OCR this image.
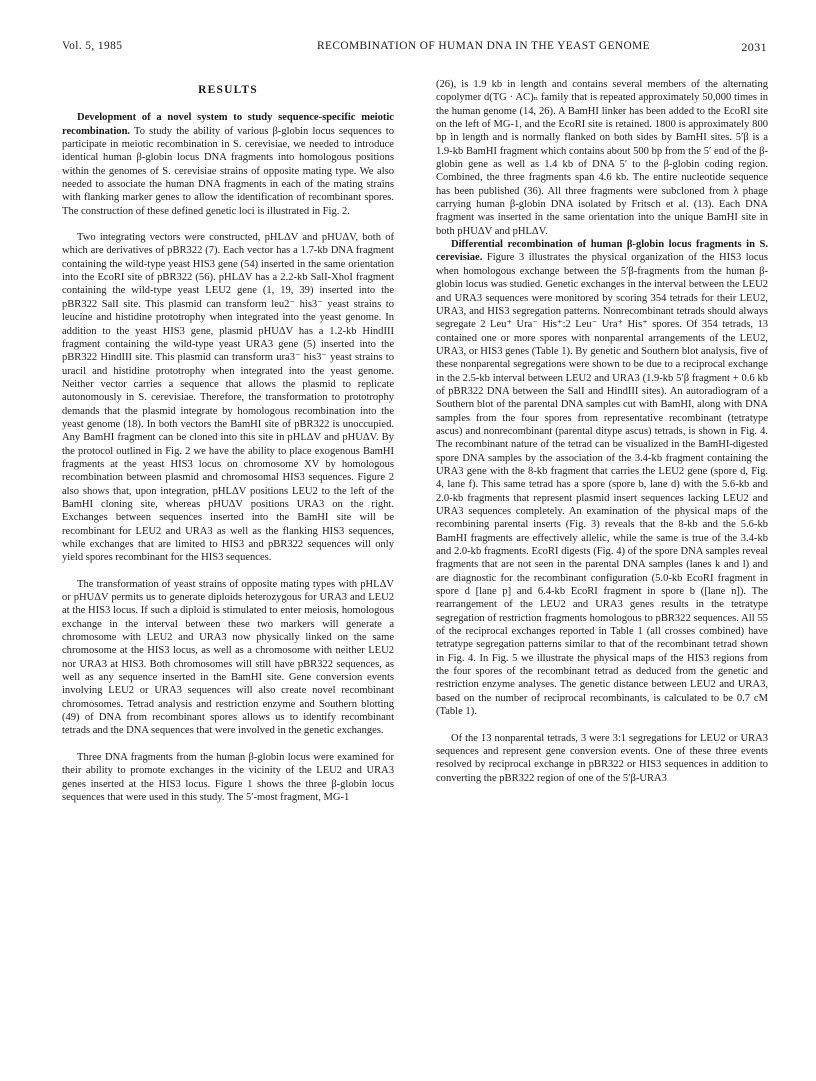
Vol. 5, 1985	RECOMBINATION OF HUMAN DNA IN THE YEAST GENOME	2031
RESULTS

Development of a novel system to study sequence-specific meiotic recombination. To study the ability of various β-globin locus sequences to participate in meiotic recombination in S. cerevisiae, we needed to introduce identical human β-globin locus DNA fragments into homologous positions within the genomes of S. cerevisiae strains of opposite mating type. We also needed to associate the human DNA fragments in each of the mating strains with flanking marker genes to allow the identification of recombinant spores. The construction of these defined genetic loci is illustrated in Fig. 2.

Two integrating vectors were constructed, pHLΔV and pHUΔV, both of which are derivatives of pBR322 (7). Each vector has a 1.7-kb DNA fragment containing the wild-type yeast HIS3 gene (54) inserted in the same orientation into the EcoRI site of pBR322 (56). pHLΔV has a 2.2-kb SalI-XhoI fragment containing the wild-type yeast LEU2 gene (1, 19, 39) inserted into the pBR322 SalI site. This plasmid can transform leu2⁻ his3⁻ yeast strains to leucine and histidine prototrophy when integrated into the yeast genome. In addition to the yeast HIS3 gene, plasmid pHUΔV has a 1.2-kb HindIII fragment containing the wild-type yeast URA3 gene (5) inserted into the pBR322 HindIII site. This plasmid can transform ura3⁻ his3⁻ yeast strains to uracil and histidine prototrophy when integrated into the yeast genome. Neither vector carries a sequence that allows the plasmid to replicate autonomously in S. cerevisiae. Therefore, the transformation to prototrophy demands that the plasmid integrate by homologous recombination into the yeast genome (18). In both vectors the BamHI site of pBR322 is unoccupied. Any BamHI fragment can be cloned into this site in pHLΔV and pHUΔV. By the protocol outlined in Fig. 2 we have the ability to place exogenous BamHI fragments at the yeast HIS3 locus on chromosome XV by homologous recombination between plasmid and chromosomal HIS3 sequences. Figure 2 also shows that, upon integration, pHLΔV positions LEU2 to the left of the BamHI cloning site, whereas pHUΔV positions URA3 on the right. Exchanges between sequences inserted into the BamHI site will be recombinant for LEU2 and URA3 as well as the flanking HIS3 sequences, while exchanges that are limited to HIS3 and pBR322 sequences will only yield spores recombinant for the HIS3 sequences.

The transformation of yeast strains of opposite mating types with pHLΔV or pHUΔV permits us to generate diploids heterozygous for URA3 and LEU2 at the HIS3 locus. If such a diploid is stimulated to enter meiosis, homologous exchange in the interval between these two markers will generate a chromosome with LEU2 and URA3 now physically linked on the same chromosome at the HIS3 locus, as well as a chromosome with neither LEU2 nor URA3 at HIS3. Both chromosomes will still have pBR322 sequences, as well as any sequence inserted in the BamHI site. Gene conversion events involving LEU2 or URA3 sequences will also create novel recombinant chromosomes. Tetrad analysis and restriction enzyme and Southern blotting (49) of DNA from recombinant spores allows us to identify recombinant tetrads and the DNA sequences that were involved in the genetic exchanges.

Three DNA fragments from the human β-globin locus were examined for their ability to promote exchanges in the vicinity of the LEU2 and URA3 genes inserted at the HIS3 locus. Figure 1 shows the three β-globin locus sequences that were used in this study. The 5′-most fragment, MG-1

(26), is 1.9 kb in length and contains several members of the alternating copolymer d(TG · AC)ₙ family that is repeated approximately 50,000 times in the human genome (14, 26). A BamHI linker has been added to the EcoRI site on the left of MG-1, and the EcoRI site is retained. 1800 is approximately 800 bp in length and is normally flanked on both sides by BamHI sites. 5′β is a 1.9-kb BamHI fragment which contains about 500 bp from the 5′ end of the β-globin gene as well as 1.4 kb of DNA 5′ to the β-globin coding region. Combined, the three fragments span 4.6 kb. The entire nucleotide sequence has been published (36). All three fragments were subcloned from λ phage carrying human β-globin DNA isolated by Fritsch et al. (13). Each DNA fragment was inserted in the same orientation into the unique BamHI site in both pHUΔV and pHLΔV.

Differential recombination of human β-globin locus fragments in S. cerevisiae. Figure 3 illustrates the physical organization of the HIS3 locus when homologous exchange between the 5′β-fragments from the human β-globin locus was studied. Genetic exchanges in the interval between the LEU2 and URA3 sequences were monitored by scoring 354 tetrads for their LEU2, URA3, and HIS3 segregation patterns. Nonrecombinant tetrads should always segregate 2 Leu⁺ Ura⁻ His⁺:2 Leu⁻ Ura⁺ His⁺ spores. Of 354 tetrads, 13 contained one or more spores with nonparental arrangements of the LEU2, URA3, or HIS3 genes (Table 1). By genetic and Southern blot analysis, five of these nonparental segregations were shown to be due to a reciprocal exchange in the 2.5-kb interval between LEU2 and URA3 (1.9-kb 5′β fragment + 0.6 kb of pBR322 DNA between the SalI and HindIII sites). An autoradiogram of a Southern blot of the parental DNA samples cut with BamHI, along with DNA samples from the four spores from representative recombinant (tetratype ascus) and nonrecombinant (parental ditype ascus) tetrads, is shown in Fig. 4. The recombinant nature of the tetrad can be visualized in the BamHI-digested spore DNA samples by the association of the 3.4-kb fragment containing the URA3 gene with the 8-kb fragment that carries the LEU2 gene (spore d, Fig. 4, lane f). This same tetrad has a spore (spore b, lane d) with the 5.6-kb and 2.0-kb fragments that represent plasmid insert sequences lacking LEU2 and URA3 sequences completely. An examination of the physical maps of the recombining parental inserts (Fig. 3) reveals that the 8-kb and the 5.6-kb BamHI fragments are effectively allelic, while the same is true of the 3.4-kb and 2.0-kb fragments. EcoRI digests (Fig. 4) of the spore DNA samples reveal fragments that are not seen in the parental DNA samples (lanes k and l) and are diagnostic for the recombinant configuration (5.0-kb EcoRI fragment in spore d [lane p] and 6.4-kb EcoRI fragment in spore b ([lane n]). The rearrangement of the LEU2 and URA3 genes results in the tetratype segregation of restriction fragments homologous to pBR322 sequences. All 55 of the reciprocal exchanges reported in Table 1 (all crosses combined) have tetratype segregation patterns similar to that of the recombinant tetrad shown in Fig. 4. In Fig. 5 we illustrate the physical maps of the HIS3 regions from the four spores of the recombinant tetrad as deduced from the genetic and restriction enzyme analyses. The genetic distance between LEU2 and URA3, based on the number of reciprocal recombinants, is calculated to be 0.7 cM (Table 1).

Of the 13 nonparental tetrads, 3 were 3:1 segregations for LEU2 or URA3 sequences and represent gene conversion events. One of these three events resolved by reciprocal exchange in pBR322 or HIS3 sequences in addition to converting the pBR322 region of one of the 5′β-URA3
